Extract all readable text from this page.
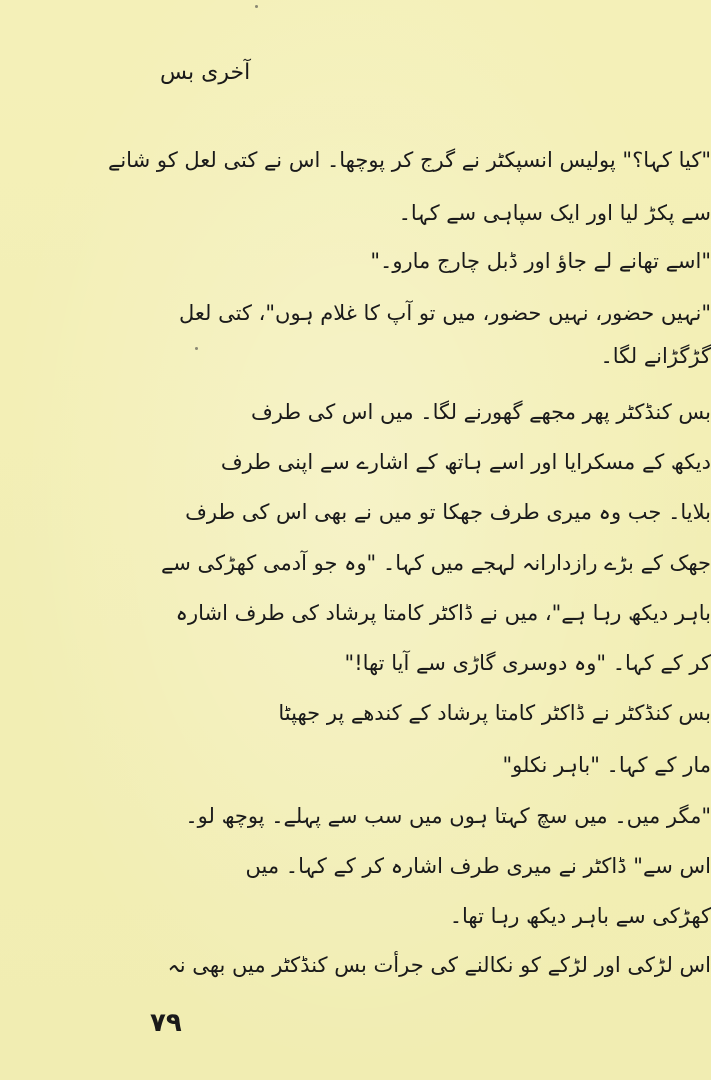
آخری بس
"کیا کہا؟" پولیس انسپکٹر نے گرج کر پوچھا۔ اس نے کتی لعل کو شانے
سے پکڑ لیا اور ایک سپاہی سے کہا۔
"اسے تھانے لے جاؤ اور ڈبل چارج مارو۔"
"نہیں حضور، نہیں حضور، میں تو آپ کا غلام ہوں"، کتی لعل
گڑگڑانے لگا۔
بس کنڈکٹر پھر مجھے گھورنے لگا۔ میں اس کی طرف
دیکھ کے مسکرایا اور اسے ہاتھ کے اشارے سے اپنی طرف
بلایا۔ جب وہ میری طرف جھکا تو میں نے بھی اس کی طرف
جھک کے بڑے رازدارانہ لہجے میں کہا۔ "وہ جو آدمی کھڑکی سے
باہر دیکھ رہا ہے"، میں نے ڈاکٹر کامتا پرشاد کی طرف اشارہ
کر کے کہا۔ "وہ دوسری گاڑی سے آیا تھا!"
بس کنڈکٹر نے ڈاکٹر کامتا پرشاد کے کندھے پر جھپٹا
مار کے کہا۔ "باہر نکلو"
"مگر میں۔ میں سچ کہتا ہوں میں سب سے پہلے۔ پوچھ لو۔
اس سے" ڈاکٹر نے میری طرف اشارہ کر کے کہا۔ میں
کھڑکی سے باہر دیکھ رہا تھا۔
اس لڑکی اور لڑکے کو نکالنے کی جرأت بس کنڈکٹر میں بھی نہ
۷۹
